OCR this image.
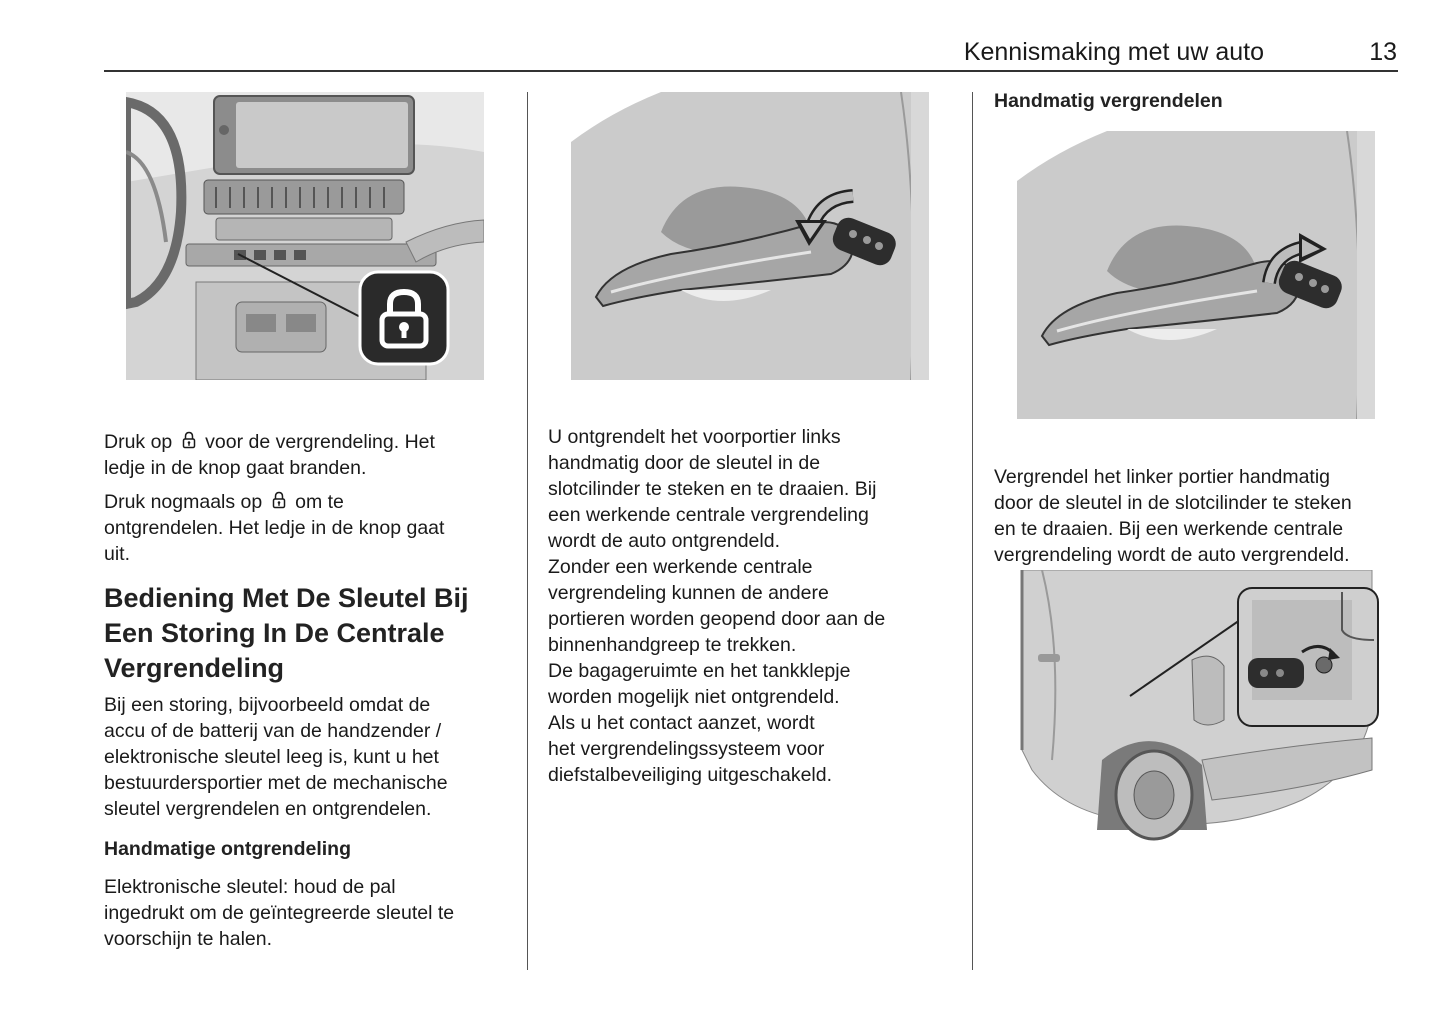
Kennismaking met uw auto	13

Druk op voor de vergrendeling. Het
ledje in de knop gaat branden.

Druk nogmaals op om te
ontgrendelen. Het ledje in de knop gaat
uit.

Bediening Met De Sleutel Bij
Een Storing In De Centrale
Vergrendeling

Bij een storing, bijvoorbeeld omdat de
accu of de batterij van de handzender /
elektronische sleutel leeg is, kunt u het
bestuurdersportier met de mechanische
sleutel vergrendelen en ontgrendelen.

Handmatige ontgrendeling

Elektronische sleutel: houd de pal
ingedrukt om de geïntegreerde sleutel te
voorschijn te halen.

U ontgrendelt het voorportier links
handmatig door de sleutel in de
slotcilinder te steken en te draaien. Bij
een werkende centrale vergrendeling
wordt de auto ontgrendeld.
Zonder een werkende centrale
vergrendeling kunnen de andere
portieren worden geopend door aan de
binnenhandgreep te trekken.
De bagageruimte en het tankklepje
worden mogelijk niet ontgrendeld.
Als u het contact aanzet, wordt
het vergrendelingssysteem voor
diefstalbeveiliging uitgeschakeld.

Handmatig vergrendelen

Vergrendel het linker portier handmatig
door de sleutel in de slotcilinder te steken
en te draaien. Bij een werkende centrale
vergrendeling wordt de auto vergrendeld.
